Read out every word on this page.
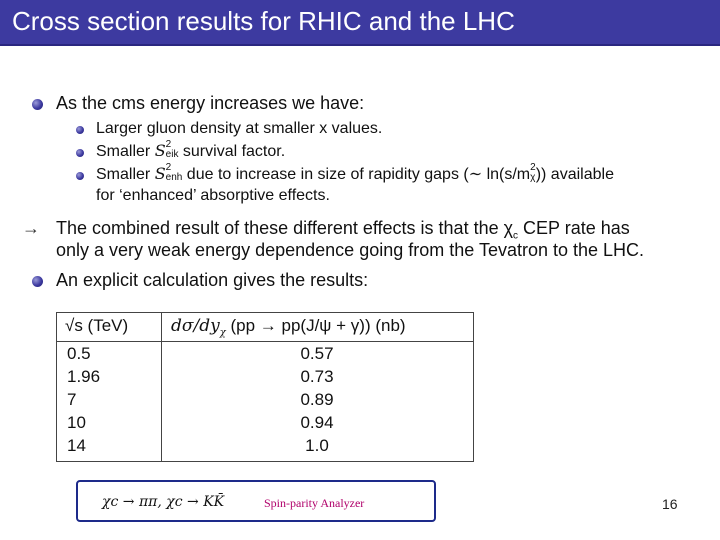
Cross section results for RHIC and the LHC
As the cms energy increases we have:
Larger gluon density at smaller x values.
Smaller S2
eik survival factor.
Smaller S2
enh due to increase in size of rapidity gaps (∼ ln(s/m2
χ)) available
for ‘enhanced’ absorptive effects.
→ The combined result of these different effects is that the $\chi_c$ CEP rate has
only a very weak energy dependence going from the Tevatron to the LHC.
An explicit calculation gives the results:
√s (TeV)	$d\sigma/dy_\chi$ (pp → pp(J/ψ + γ)) (nb)
0.5	0.57
1.96	0.73
7	0.89
10	0.94
14	1.0
χc → ππ, χc → KK̄	Spin-parity Analyzer	16
